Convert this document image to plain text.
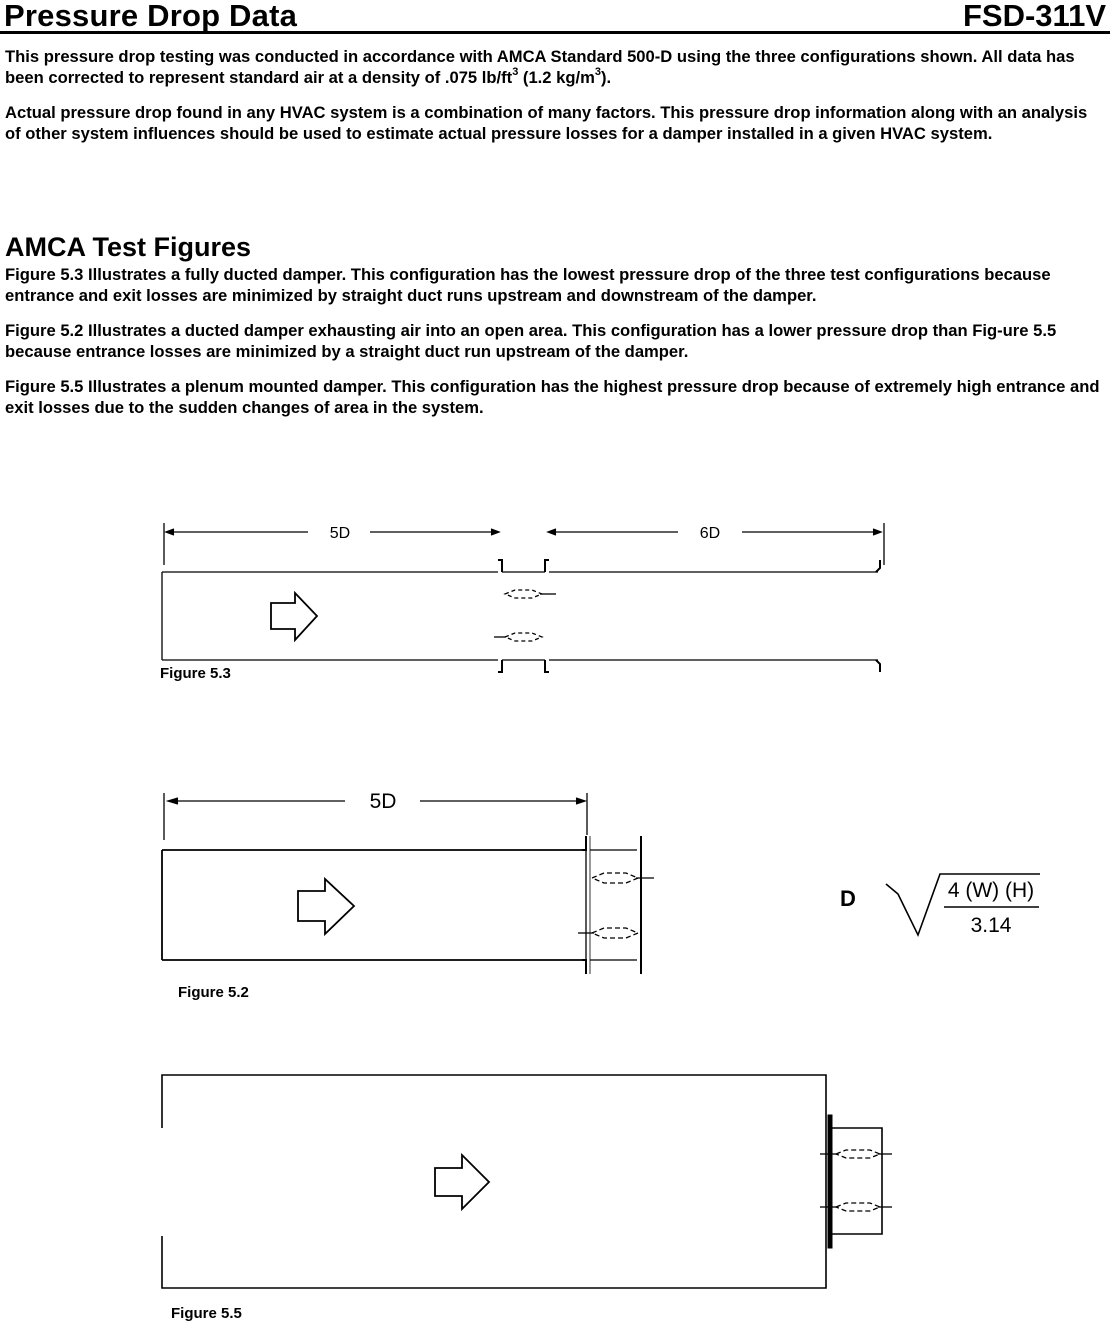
Pressure Drop Data	FSD-311V

This pressure drop testing was conducted in accordance with AMCA Standard 500-D using the three configurations shown. All data has been corrected to represent standard air at a density of .075 $lb/ft^3$ (1.2 $kg/m^3$).

Actual pressure drop found in any HVAC system is a combination of many factors. This pressure drop information along with an analysis of other system influences should be used to estimate actual pressure losses for a damper installed in a given HVAC system.

AMCA Test Figures

Figure 5.3 Illustrates a fully ducted damper. This configuration has the lowest pressure drop of the three test configurations because entrance and exit losses are minimized by straight duct runs upstream and downstream of the damper.

Figure 5.2 Illustrates a ducted damper exhausting air into an open area. This configuration has a lower pressure drop than Fig-ure 5.5 because entrance losses are minimized by a straight duct run upstream of the damper.

Figure 5.5 Illustrates a plenum mounted damper. This configuration has the highest pressure drop because of extremely high entrance and exit losses due to the sudden changes of area in the system.

5D	6D
Figure 5.3
5D
D	4 (W) (H)
3.14
Figure 5.2
Figure 5.5
